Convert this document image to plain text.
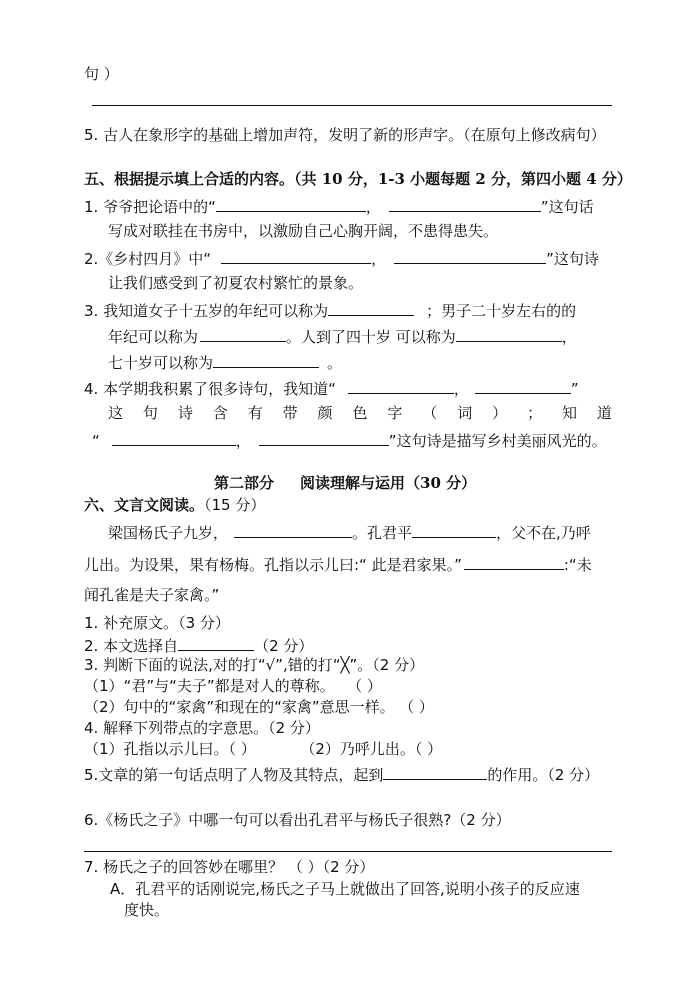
句 ）
5. 古人在象形字的基础上增加声符，发明了新的形声字。（在原句上修改病句）
五、根据提示填上合适的内容。（共 10 分，1-3 小题每题 2 分，第四小题 4 分）
1. 爷爷把论语中的“	，	”这句话
写成对联挂在书房中，以激励自己心胸开阔，不患得患失。
2.《乡村四月》中“	，	”这句诗
让我们感受到了初夏农村繁忙的景象。
3. 我知道女子十五岁的年纪可以称为	；男子二十岁左右的的
年纪可以称为	。人到了四十岁 可以称为	，
七十岁可以称为	。
4. 本学期我积累了很多诗句，我知道“	，	”
这 句 诗 含 有 带 颜 色 字 （ 词 ） ； 知 道
“	，	”这句诗是描写乡村美丽风光的。
第二部分 阅读理解与运用（30 分）
六、文言文阅读。（15 分）
梁国杨氏子九岁，	。孔君平	，父不在,乃呼
儿出。为设果，果有杨梅。孔指以示儿曰:“ 此是君家果。”	:“未
闻孔雀是夫子家禽。”
1. 补充原文。（3 分）
2. 本文选择自	（2 分）
3. 判断下面的说法,对的打“√”,错的打“╳”。（2 分）
（1）“君”与“夫子”都是对人的尊称。 （ ）
（2）句中的“家禽”和现在的“家禽”意思一样。 （ ）
4. 解释下列带点的字意思。（2 分）
（1）孔指以示儿曰。（ ）	（2）乃呼儿出。（ ）
5.文章的第一句话点明了人物及其特点，起到	的作用。（2 分）
6.《杨氏之子》中哪一句可以看出孔君平与杨氏子很熟?（2 分）
7. 杨氏之子的回答妙在哪里？ （ ）（2 分）
A．孔君平的话刚说完,杨氏之子马上就做出了回答,说明小孩子的反应速
度快。
